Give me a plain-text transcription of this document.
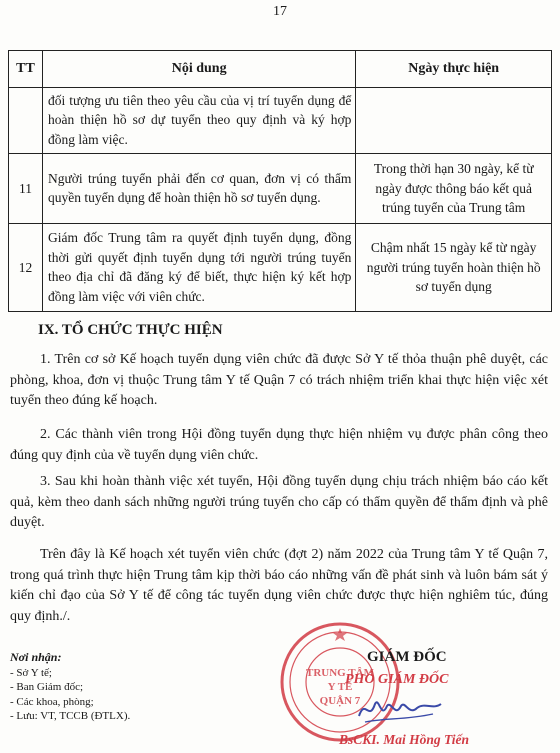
17
TT	Nội dung	Ngày thực hiện
	đối tượng ưu tiên theo yêu cầu của vị trí tuyển dụng để hoàn thiện hồ sơ dự tuyển theo quy định và ký hợp đồng làm việc.	
11	Người trúng tuyển phải đến cơ quan, đơn vị có thẩm quyền tuyển dụng để hoàn thiện hồ sơ tuyển dụng.	Trong thời hạn 30 ngày, kể từ ngày được thông báo kết quả trúng tuyển của Trung tâm
12	Giám đốc Trung tâm ra quyết định tuyển dụng, đồng thời gửi quyết định tuyển dụng tới người trúng tuyển theo địa chỉ đã đăng ký để biết, thực hiện ký kết hợp đồng làm việc với viên chức.	Chậm nhất 15 ngày kể từ ngày người trúng tuyển hoàn thiện hồ sơ tuyển dụng
IX. TỔ CHỨC THỰC HIỆN

1. Trên cơ sở Kế hoạch tuyển dụng viên chức đã được Sở Y tế thỏa thuận phê duyệt, các phòng, khoa, đơn vị thuộc Trung tâm Y tế Quận 7 có trách nhiệm triển khai thực hiện việc xét tuyển theo đúng kế hoạch.

2. Các thành viên trong Hội đồng tuyển dụng thực hiện nhiệm vụ được phân công theo đúng quy định của về tuyển dụng viên chức.

3. Sau khi hoàn thành việc xét tuyển, Hội đồng tuyển dụng chịu trách nhiệm báo cáo kết quả, kèm theo danh sách những người trúng tuyển cho cấp có thẩm quyền để thẩm định và phê duyệt.

Trên đây là Kế hoạch xét tuyển viên chức (đợt 2) năm 2022 của Trung tâm Y tế Quận 7, trong quá trình thực hiện Trung tâm kịp thời báo cáo những vấn đề phát sinh và luôn bám sát ý kiến chỉ đạo của Sở Y tế để công tác tuyển dụng viên chức được thực hiện nghiêm túc, đúng quy định./.

Nơi nhận:
- Sở Y tế;
- Ban Giám đốc;
- Các khoa, phòng;
- Lưu: VT, TCCB (ĐTLX).
TRUNG TÂM
Y TẾ
QUẬN 7
GIÁM ĐỐC
PHÓ GIÁM ĐỐC
BsCKI. Mai Hồng Tiến
